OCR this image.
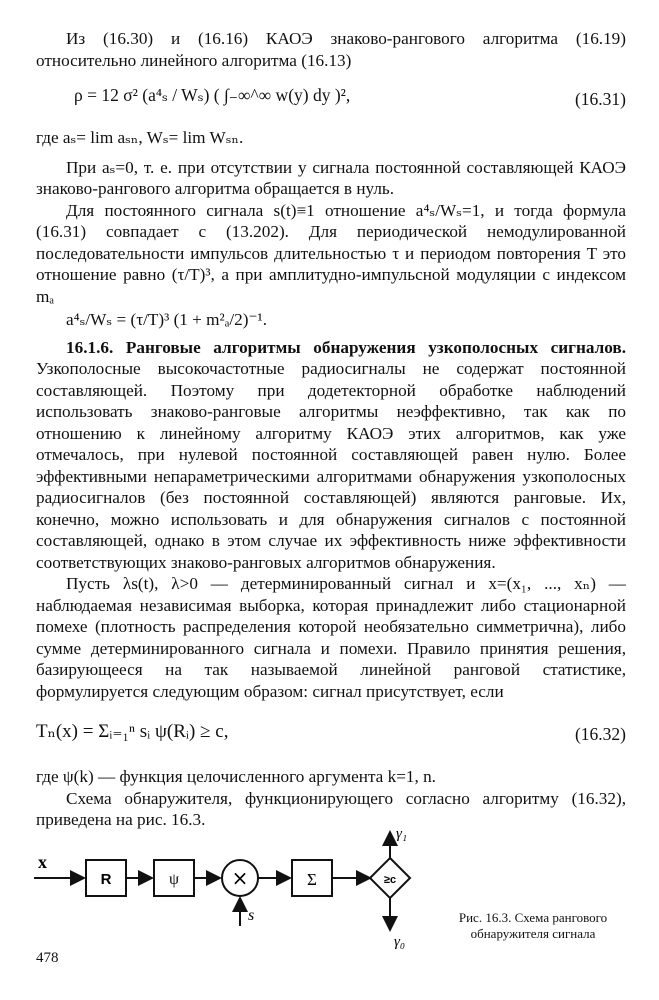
Из (16.30) и (16.16) КАОЭ знаково-рангового алгоритма (16.19) относительно линейного алгоритма (16.13)

ρ = 12 σ² (a⁴ₛ / Wₛ) ( ∫₋∞^∞ w(y) dy )²,	(16.31)

где aₛ= lim aₛₙ, Wₛ= lim Wₛₙ.

При aₛ=0, т. е. при отсутствии у сигнала постоянной составляющей КАОЭ знаково-рангового алгоритма обращается в нуль.

Для постоянного сигнала s(t)≡1 отношение a⁴ₛ/Wₛ=1, и тогда формула (16.31) совпадает с (13.202). Для периодической немодулированной последовательности импульсов длительностью τ и периодом повторения T это отношение равно (τ/T)³, а при амплитудно-импульсной модуляции с индексом mₐ

a⁴ₛ/Wₛ = (τ/T)³ (1 + m²ₐ/2)⁻¹.

16.1.6. Ранговые алгоритмы обнаружения узкополосных сигналов. Узкополосные высокочастотные радиосигналы не содержат постоянной составляющей. Поэтому при додетекторной обработке наблюдений использовать знаково-ранговые алгоритмы неэффективно, так как по отношению к линейному алгоритму КАОЭ этих алгоритмов, как уже отмечалось, при нулевой постоянной составляющей равен нулю. Более эффективными непараметрическими алгоритмами обнаружения узкополосных радиосигналов (без постоянной составляющей) являются ранговые. Их, конечно, можно использовать и для обнаружения сигналов с постоянной составляющей, однако в этом случае их эффективность ниже эффективности соответствующих знаково-ранговых алгоритмов обнаружения.

Пусть λs(t), λ>0 — детерминированный сигнал и x=(x₁, ..., xₙ) — наблюдаемая независимая выборка, которая принадлежит либо стационарной помехе (плотность распределения которой необязательно симметрична), либо сумме детерминированного сигнала и помехи. Правило принятия решения, базирующееся на так называемой линейной ранговой статистике, формулируется следующим образом: сигнал присутствует, если

Tₙ(x) = Σᵢ₌₁ⁿ sᵢ ψ(Rᵢ) ≥ c,	(16.32)

где ψ(k) — функция целочисленного аргумента k=1, n.

Схема обнаружителя, функционирующего согласно алгоритму (16.32), приведена на рис. 16.3.

x
R	ψ	×
s
Σ	≥c
γ₁
γ₀
Рис. 16.3. Схема рангового обнаружителя сигнала
478
